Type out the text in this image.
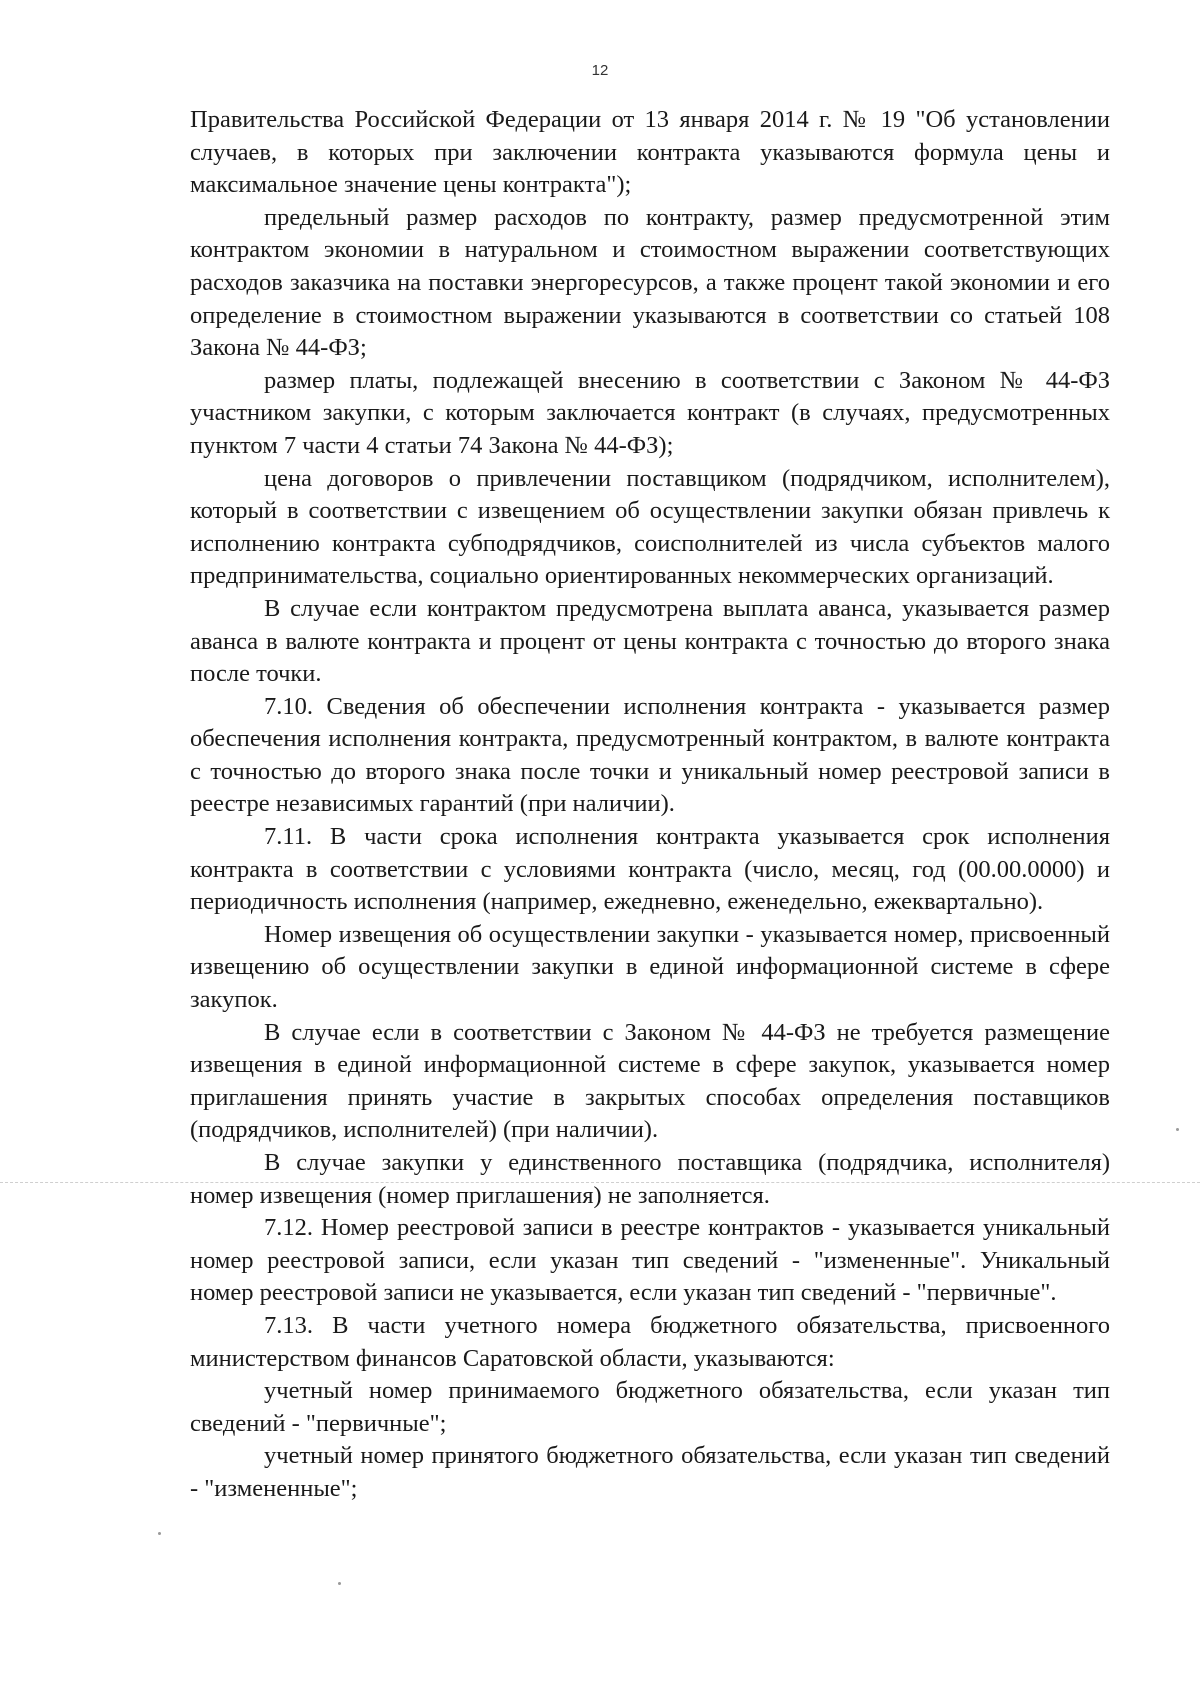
12

Правительства Российской Федерации от 13 января 2014 г. № 19 "Об установлении случаев, в которых при заключении контракта указываются формула цены и максимальное значение цены контракта");

предельный размер расходов по контракту, размер предусмотренной этим контрактом экономии в натуральном и стоимостном выражении соответствующих расходов заказчика на поставки энергоресурсов, а также процент такой экономии и его определение в стоимостном выражении указываются в соответствии со статьей 108 Закона № 44-ФЗ;

размер платы, подлежащей внесению в соответствии с Законом № 44-ФЗ участником закупки, с которым заключается контракт (в случаях, предусмотренных пунктом 7 части 4 статьи 74 Закона № 44-ФЗ);

цена договоров о привлечении поставщиком (подрядчиком, исполнителем), который в соответствии с извещением об осуществлении закупки обязан привлечь к исполнению контракта субподрядчиков, соисполнителей из числа субъектов малого предпринимательства, социально ориентированных некоммерческих организаций.

В случае если контрактом предусмотрена выплата аванса, указывается размер аванса в валюте контракта и процент от цены контракта с точностью до второго знака после точки.

7.10. Сведения об обеспечении исполнения контракта - указывается размер обеспечения исполнения контракта, предусмотренный контрактом, в валюте контракта с точностью до второго знака после точки и уникальный номер реестровой записи в реестре независимых гарантий (при наличии).

7.11. В части срока исполнения контракта указывается срок исполнения контракта в соответствии с условиями контракта (число, месяц, год (00.00.0000) и периодичность исполнения (например, ежедневно, еженедельно, ежеквартально).

Номер извещения об осуществлении закупки - указывается номер, присвоенный извещению об осуществлении закупки в единой информационной системе в сфере закупок.

В случае если в соответствии с Законом № 44-ФЗ не требуется размещение извещения в единой информационной системе в сфере закупок, указывается номер приглашения принять участие в закрытых способах определения поставщиков (подрядчиков, исполнителей) (при наличии).

В случае закупки у единственного поставщика (подрядчика, исполнителя) номер извещения (номер приглашения) не заполняется.

7.12. Номер реестровой записи в реестре контрактов - указывается уникальный номер реестровой записи, если указан тип сведений - "измененные". Уникальный номер реестровой записи не указывается, если указан тип сведений - "первичные".

7.13. В части учетного номера бюджетного обязательства, присвоенного министерством финансов Саратовской области, указываются:

учетный номер принимаемого бюджетного обязательства, если указан тип сведений - "первичные";

учетный номер принятого бюджетного обязательства, если указан тип сведений - "измененные";
